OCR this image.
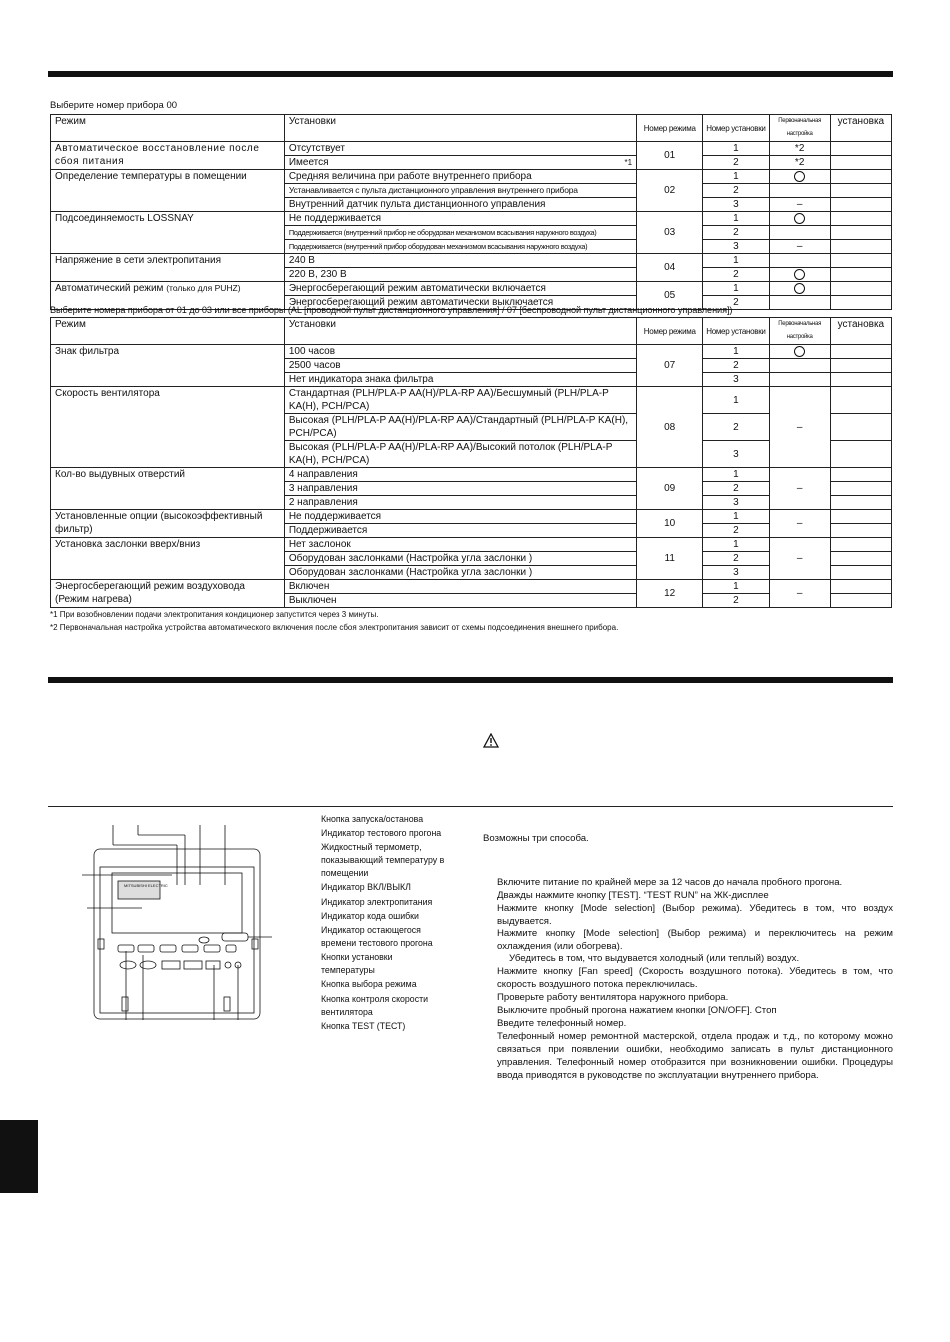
Выберите номер прибора 00
Режим	Установки	Номер режима	Номер установки	Первоначальная настройка	установка
Автоматическое восстановление после сбоя питания	Отсутствует	01	1	*2	
	Имеется *1		2	*2	
Определение температуры в помещении	Средняя величина при работе внутреннего прибора	02	1		
	Устанавливается с пульта дистанционного управления внутреннего прибора		2		
	Внутренний датчик пульта дистанционного управления		3	–	
Подсоединяемость LOSSNAY	Не поддерживается	03	1		
	Поддерживается (внутренний прибор не оборудован механизмом всасывания наружного воздуха)		2		
	Поддерживается (внутренний прибор оборудован механизмом всасывания наружного воздуха)		3	–	
Напряжение в сети электропитания	240 В	04	1		
	220 В, 230 В		2		
Автоматический режим (только для PUHZ)	Энергосберегающий режим автоматически включается	05	1		
	Энергосберегающий режим автоматически выключается		2		
Выберите номера прибора от 01 до 03 или все приборы (AL [проводной пульт дистанционного управления] / 07 [беспроводной пульт дистанционного управления])
Режим	Установки	Номер режима	Номер установки	Первоначальная настройка	установка
Знак фильтра	100 часов	07	1		
	2500 часов		2		
	Нет индикатора знака фильтра		3		
Скорость вентилятора	Стандартная (PLH/PLA-P AA(H)/PLA-RP AA)/Бесшумный (PLH/PLA-P KA(H), PCH/PCA)	08	1	–	
	Высокая (PLH/PLA-P AA(H)/PLA-RP AA)/Стандартный (PLH/PLA-P KA(H), PCH/PCA)		2		
	Высокая (PLH/PLA-P AA(H)/PLA-RP AA)/Высокий потолок (PLH/PLA-P KA(H), PCH/PCA)		3		
Кол-во выдувных отверстий	4 направления	09	1	–	
	3 направления		2		
	2 направления		3		
Установленные опции (высокоэффективный фильтр)	Не поддерживается	10	1	–	
	Поддерживается		2		
Установка заслонки вверх/вниз	Нет заслонок	11	1	–	
	Оборудован заслонками (Настройка угла заслонки )		2		
	Оборудован заслонками (Настройка угла заслонки )		3		
Энергосберегающий режим воздуховода (Режим нагрева)	Включен	12	1	–	
	Выключен		2		
*1 При возобновлении подачи электропитания кондиционер запустится через 3 минуты.
*2 Первоначальная настройка устройства автоматического включения после сбоя электропитания зависит от схемы подсоединения внешнего прибора.
MITSUBISHI ELECTRIC
Кнопка запуска/останова
Индикатор тестового прогона
Жидкостный термометр, показывающий температуру в помещении
Индикатор ВКЛ/ВЫКЛ
Индикатор электропитания
Индикатор кода ошибки
Индикатор остающегося времени тестового прогона
Кнопки установки температуры
Кнопка выбора режима
Кнопка контроля скорости вентилятора
Кнопка TEST (ТЕСТ)
Возможны три способа.
Включите питание по крайней мере за 12 часов до начала пробного прогона.
Дважды нажмите кнопку [TEST]. “TEST RUN” на ЖК-дисплее
Нажмите кнопку [Mode selection] (Выбор режима). Убедитесь в том, что воздух выдувается.
Нажмите кнопку [Mode selection] (Выбор режима) и переключитесь на режим охлаждения (или обогрева).
Убедитесь в том, что выдувается холодный (или теплый) воздух.
Нажмите кнопку [Fan speed] (Скорость воздушного потока). Убедитесь в том, что скорость воздушного потока переключилась.
Проверьте работу вентилятора наружного прибора.
Выключите пробный прогона нажатием кнопки [ON/OFF]. Стоп
Введите телефонный номер.
Телефонный номер ремонтной мастерской, отдела продаж и т.д., по которому можно связаться при появлении ошибки, необходимо записать в пульт дистанционного управления. Телефонный номер отобразится при возникновении ошибки. Процедуры ввода приводятся в руководстве по эксплуатации внутреннего прибора.
